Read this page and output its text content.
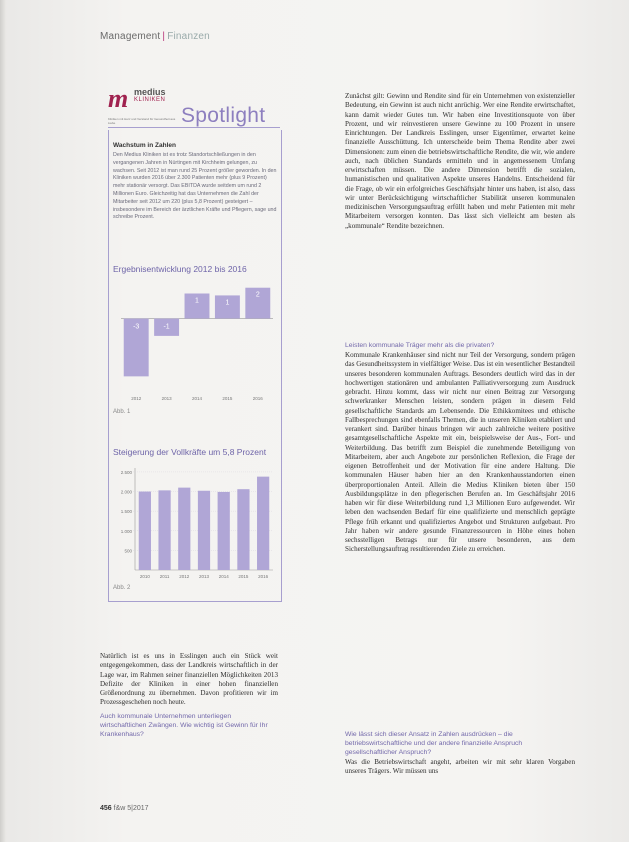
Management | Finanzen
m medius
KLINIKEN
Kliniken mit Herz und Verstand für Gesundheit aus Liebe	Spotlight
Wachstum in Zahlen
Den Medius Kliniken ist es trotz Standortschließungen in den vergangenen Jahren in Nürtingen mit Kirchheim gelungen, zu wachsen. Seit 2012 ist man rund 25 Prozent größer geworden. In den Kliniken wurden 2016 über 2.300 Patienten mehr (plus 9 Prozent) mehr stationär versorgt. Das EBITDA wurde seitdem um rund 2 Millionen Euro. Gleichzeitig hat das Unternehmen die Zahl der Mitarbeiter seit 2012 um 220 (plus 5,8 Prozent) gesteigert – insbesondere im Bereich der ärztlichen Kräfte und Pflegern, sage und schreibe Prozent.
Ergebnisentwicklung 2012 bis 2016
-3
2012
-1
2013
1
2014
1
2015
2
2016
Abb. 1
Steigerung der Vollkräfte um 5,8 Prozent
2.500
2.000
1.500
1.000
500
2010 2011 2012 2013 2014 2015 2016
Abb. 2
Natürlich ist es uns in Esslingen auch ein Stück weit entgegengekommen, dass der Landkreis wirtschaftlich in der Lage war, im Rahmen seiner finanziellen Möglichkeiten 2013 Defizite der Kliniken in einer hohen finanziellen Größenordnung zu übernehmen. Davon profitieren wir im Prozessgeschehen noch heute.
Auch kommunale Unternehmen unterliegen wirtschaftlichen Zwängen. Wie wichtig ist Gewinn für Ihr Krankenhaus?
Zunächst gilt: Gewinn und Rendite sind für ein Unternehmen von existenzieller Bedeutung, ein Gewinn ist auch nicht anrüchig. Wer eine Rendite erwirtschaftet, kann damit wieder Gutes tun. Wir haben eine Investitionsquote von über Prozent, und wir reinvestieren unsere Gewinne zu 100 Prozent in unsere Einrichtungen. Der Landkreis Esslingen, unser Eigentümer, erwartet keine finanzielle Ausschüttung. Ich unterscheide beim Thema Rendite aber zwei Dimensionen: zum einen die betriebswirtschaftliche Rendite, die wir, wie andere auch, nach üblichen Standards ermitteln und in angemessenem Umfang erwirtschaften müssen. Die andere Dimension betrifft die sozialen, humanistischen und qualitativen Aspekte unseres Handelns. Entscheidend für die Frage, ob wir ein erfolgreiches Geschäftsjahr hinter uns haben, ist also, dass wir unter Berücksichtigung wirtschaftlicher Stabilität unseren kommunalen medizinischen Versorgungsauftrag erfüllt haben und mehr Patienten mit mehr Mitarbeitern versorgen konnten. Das lässt sich vielleicht am besten als „kommunale“ Rendite bezeichnen.
Leisten kommunale Träger mehr als die privaten?
Kommunale Krankenhäuser sind nicht nur Teil der Versorgung, sondern prägen das Gesundheitssystem in vielfältiger Weise. Das ist ein wesentlicher Bestandteil unseres besonderen kommunalen Auftrags. Besonders deutlich wird das in der hochwertigen stationären und ambulanten Palliativversorgung zum Ausdruck gebracht. Hinzu kommt, dass wir nicht nur einen Beitrag zur Versorgung schwerkranker Menschen leisten, sondern prägen in diesem Feld gesellschaftliche Standards am Lebensende. Die Ethikkomitees und ethische Fallbesprechungen sind ebenfalls Themen, die in unseren Kliniken etabliert und verankert sind. Darüber hinaus bringen wir auch zahlreiche weitere positive gesamtgesellschaftliche Aspekte mit ein, beispielsweise der Aus-, Fort- und Weiterbildung. Das betrifft zum Beispiel die zunehmende Beteiligung von Mitarbeitern, aber auch Angebote zur persönlichen Reflexion, die Frage der eigenen Betroffenheit und der Motivation für eine andere Haltung. Die kommunalen Häuser haben hier an den Krankenhausstandorten einen überproportionalen Anteil. Allein die Medius Kliniken bieten über 150 Ausbildungsplätze in den pflegerischen Berufen an. Im Geschäftsjahr 2016 haben wir für diese Weiterbildung rund 1,3 Millionen Euro aufgewendet. Wir leben den wachsenden Bedarf für eine qualifizierte und menschlich geprägte Pflege früh erkannt und qualifiziertes Angebot und Strukturen aufgebaut. Pro Jahr haben wir andere gesunde Finanzressourcen in Höhe eines hohen sechsstelligen Betrags nur für unsere besonderen, aus dem Sicherstellungsauftrag resultierenden Ziele zu erreichen.
Wie lässt sich dieser Ansatz in Zahlen ausdrücken – die betriebswirtschaftliche und der andere finanzielle Anspruch gesellschaftlicher Anspruch?
Was die Betriebswirtschaft angeht, arbeiten wir mit sehr klaren Vorgaben unseres Trägers. Wir müssen uns
456 f&w 5|2017
